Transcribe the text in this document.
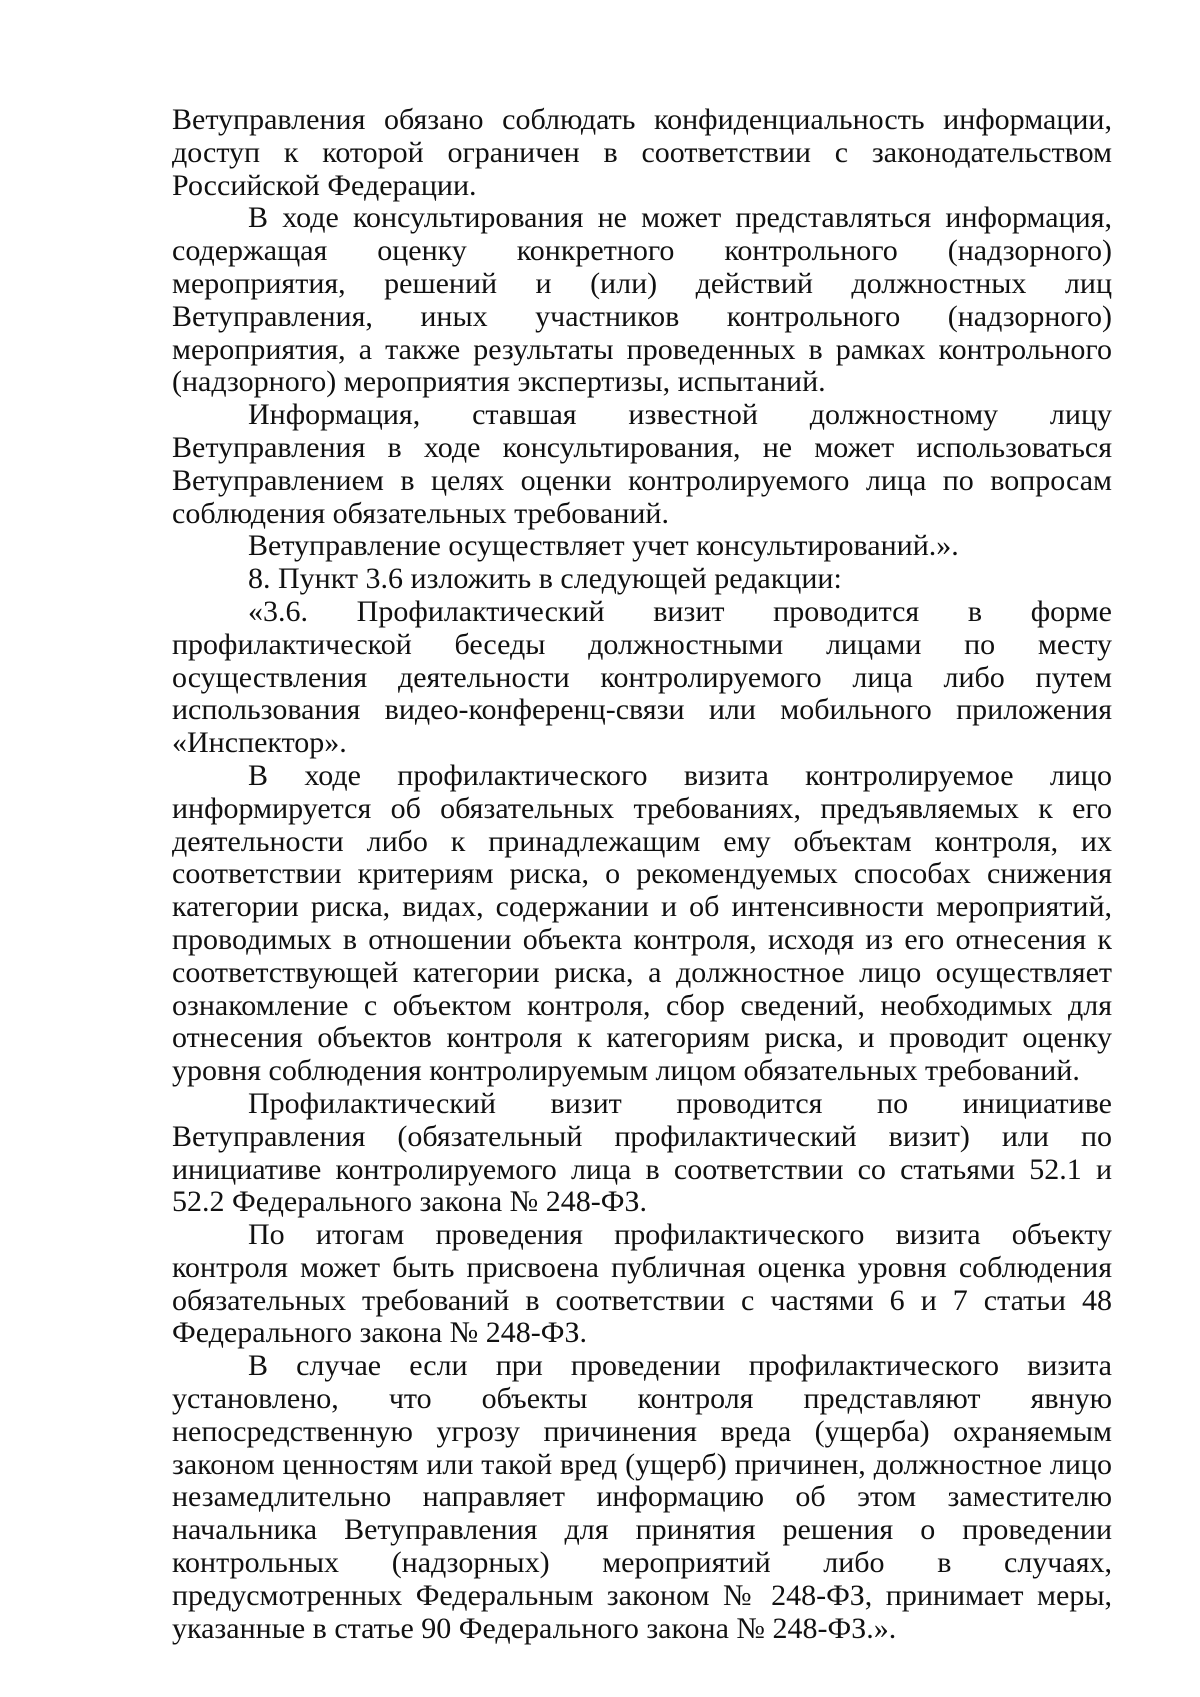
Ветуправления обязано соблюдать конфиденциальность информации, доступ к которой ограничен в соответствии с законодательством Российской Федерации.

В ходе консультирования не может представляться информация, содержащая оценку конкретного контрольного (надзорного) мероприятия, решений и (или) действий должностных лиц Ветуправления, иных участников контрольного (надзорного) мероприятия, а также результаты проведенных в рамках контрольного (надзорного) мероприятия экспертизы, испытаний.

Информация, ставшая известной должностному лицу Ветуправления в ходе консультирования, не может использоваться Ветуправлением в целях оценки контролируемого лица по вопросам соблюдения обязательных требований.

Ветуправление осуществляет учет консультирований.».

8. Пункт 3.6 изложить в следующей редакции:

«3.6. Профилактический визит проводится в форме профилактической беседы должностными лицами по месту осуществления деятельности контролируемого лица либо путем использования видео-конференц-связи или мобильного приложения «Инспектор».

В ходе профилактического визита контролируемое лицо информируется об обязательных требованиях, предъявляемых к его деятельности либо к принадлежащим ему объектам контроля, их соответствии критериям риска, о рекомендуемых способах снижения категории риска, видах, содержании и об интенсивности мероприятий, проводимых в отношении объекта контроля, исходя из его отнесения к соответствующей категории риска, а должностное лицо осуществляет ознакомление с объектом контроля, сбор сведений, необходимых для отнесения объектов контроля к категориям риска, и проводит оценку уровня соблюдения контролируемым лицом обязательных требований.

Профилактический визит проводится по инициативе Ветуправления (обязательный профилактический визит) или по инициативе контролируемого лица в соответствии со статьями 52.1 и 52.2 Федерального закона № 248-ФЗ.

По итогам проведения профилактического визита объекту контроля может быть присвоена публичная оценка уровня соблюдения обязательных требований в соответствии с частями 6 и 7 статьи 48 Федерального закона № 248-ФЗ.

В случае если при проведении профилактического визита установлено, что объекты контроля представляют явную непосредственную угрозу причинения вреда (ущерба) охраняемым законом ценностям или такой вред (ущерб) причинен, должностное лицо незамедлительно направляет информацию об этом заместителю начальника Ветуправления для принятия решения о проведении контрольных (надзорных) мероприятий либо в случаях, предусмотренных Федеральным законом № 248-ФЗ, принимает меры, указанные в статье 90 Федерального закона № 248-ФЗ.».
